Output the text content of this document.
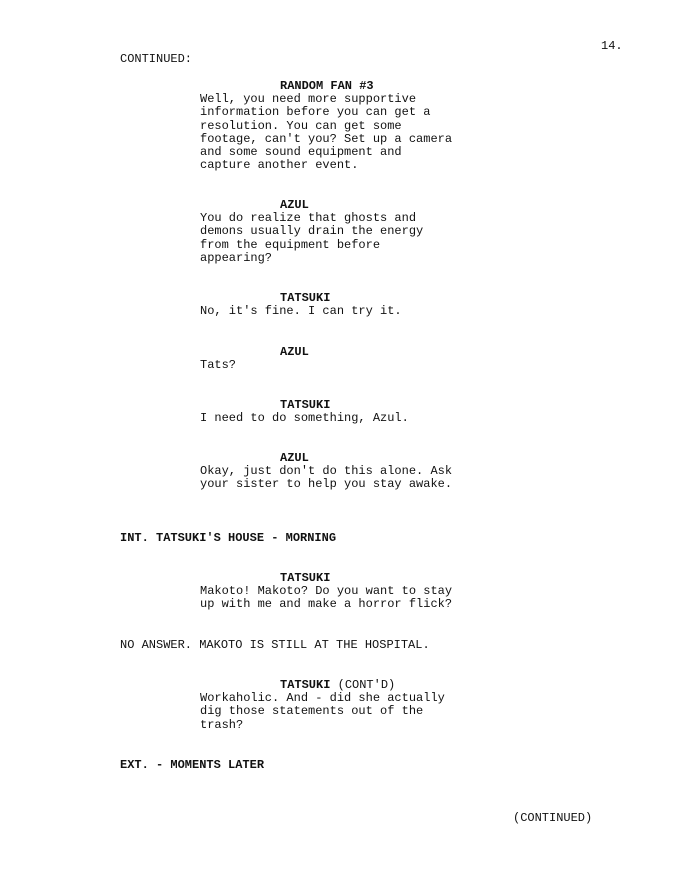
14.
CONTINUED:
RANDOM FAN #3
Well, you need more supportive
information before you can get a
resolution. You can get some
footage, can't you? Set up a camera
and some sound equipment and
capture another event.
AZUL
You do realize that ghosts and
demons usually drain the energy
from the equipment before
appearing?
TATSUKI
No, it's fine. I can try it.
AZUL
Tats?
TATSUKI
I need to do something, Azul.
AZUL
Okay, just don't do this alone. Ask
your sister to help you stay awake.
INT. TATSUKI'S HOUSE - MORNING
TATSUKI
Makoto! Makoto? Do you want to stay
up with me and make a horror flick?
NO ANSWER. MAKOTO IS STILL AT THE HOSPITAL.
TATSUKI (CONT'D)
Workaholic. And - did she actually
dig those statements out of the
trash?
EXT. - MOMENTS LATER
(CONTINUED)
